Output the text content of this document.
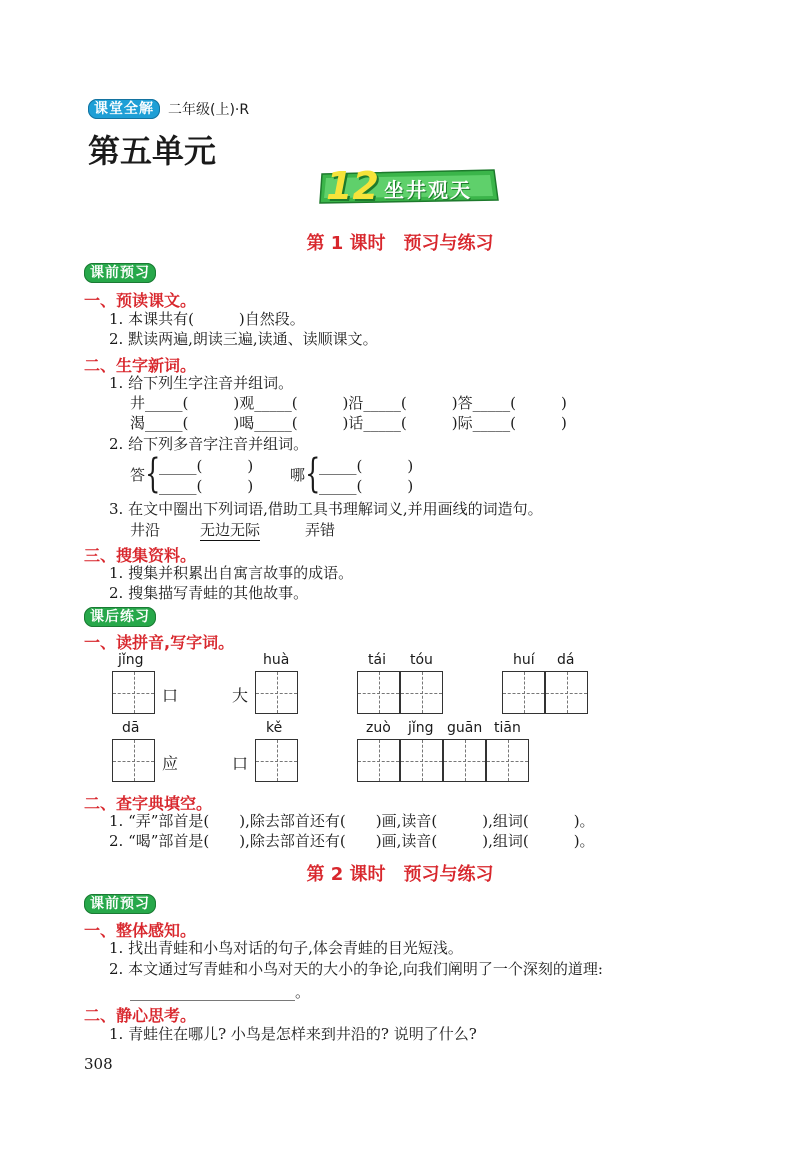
课堂全解	二年级(上)·R
第五单元
12 坐井观天
第 1 课时　预习与练习
课前预习
一、预读课文。
1. 本课共有(　　　)自然段。
2. 默读两遍,朗读三遍,读通、读顺课文。
二、生字新词。
1. 给下列生字注音并组词。
井_____(　　　)观_____(　　　)沿_____(　　　)答_____(　　　)
渴_____(　　　)喝_____(　　　)话_____(　　　)际_____(　　　)
2. 给下列多音字注音并组词。
答 {
_____(　　　)
_____(　　　)
哪 {
_____(　　　)
_____(　　　)
3. 在文中圈出下列词语,借助工具书理解词义,并用画线的词造句。
井沿	无边无际	弄错
三、搜集资料。
1. 搜集并积累出自寓言故事的成语。
2. 搜集描写青蛙的其他故事。
课后练习
一、读拼音,写字词。
jǐng
口	大
huà	tái tóu	huí dá
dā
应	口
kě	zuò jǐng guān tiān
二、查字典填空。
1. “弄”部首是(　　),除去部首还有(　　)画,读音(　　　),组词(　　　)。
2. “喝”部首是(　　),除去部首还有(　　)画,读音(　　　),组词(　　　)。
第 2 课时　预习与练习
课前预习
一、整体感知。
1. 找出青蛙和小鸟对话的句子,体会青蛙的目光短浅。
2. 本文通过写青蛙和小鸟对天的大小的争论,向我们阐明了一个深刻的道理:
______________________。
二、静心思考。
1. 青蛙住在哪儿? 小鸟是怎样来到井沿的? 说明了什么?
308
